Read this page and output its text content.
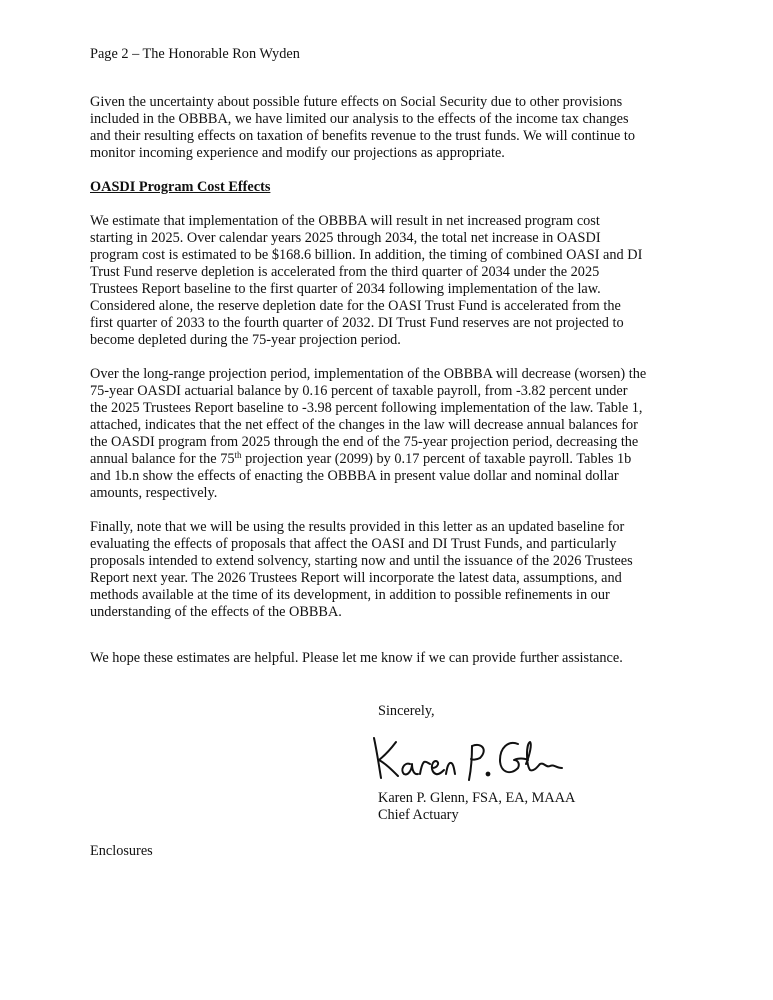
Page 2 – The Honorable Ron Wyden
Given the uncertainty about possible future effects on Social Security due to other provisions
included in the OBBBA, we have limited our analysis to the effects of the income tax changes
and their resulting effects on taxation of benefits revenue to the trust funds. We will continue to
monitor incoming experience and modify our projections as appropriate.
OASDI Program Cost Effects
We estimate that implementation of the OBBBA will result in net increased program cost
starting in 2025. Over calendar years 2025 through 2034, the total net increase in OASDI
program cost is estimated to be $168.6 billion. In addition, the timing of combined OASI and DI
Trust Fund reserve depletion is accelerated from the third quarter of 2034 under the 2025
Trustees Report baseline to the first quarter of 2034 following implementation of the law.
Considered alone, the reserve depletion date for the OASI Trust Fund is accelerated from the
first quarter of 2033 to the fourth quarter of 2032. DI Trust Fund reserves are not projected to
become depleted during the 75-year projection period.
Over the long-range projection period, implementation of the OBBBA will decrease (worsen) the
75-year OASDI actuarial balance by 0.16 percent of taxable payroll, from -3.82 percent under
the 2025 Trustees Report baseline to -3.98 percent following implementation of the law. Table 1,
attached, indicates that the net effect of the changes in the law will decrease annual balances for
the OASDI program from 2025 through the end of the 75-year projection period, decreasing the
annual balance for the 75th projection year (2099) by 0.17 percent of taxable payroll. Tables 1b
and 1b.n show the effects of enacting the OBBBA in present value dollar and nominal dollar
amounts, respectively.
Finally, note that we will be using the results provided in this letter as an updated baseline for
evaluating the effects of proposals that affect the OASI and DI Trust Funds, and particularly
proposals intended to extend solvency, starting now and until the issuance of the 2026 Trustees
Report next year. The 2026 Trustees Report will incorporate the latest data, assumptions, and
methods available at the time of its development, in addition to possible refinements in our
understanding of the effects of the OBBBA.
We hope these estimates are helpful. Please let me know if we can provide further assistance.
Sincerely,
Karen P. Glenn, FSA, EA, MAAA
Chief Actuary
Enclosures
